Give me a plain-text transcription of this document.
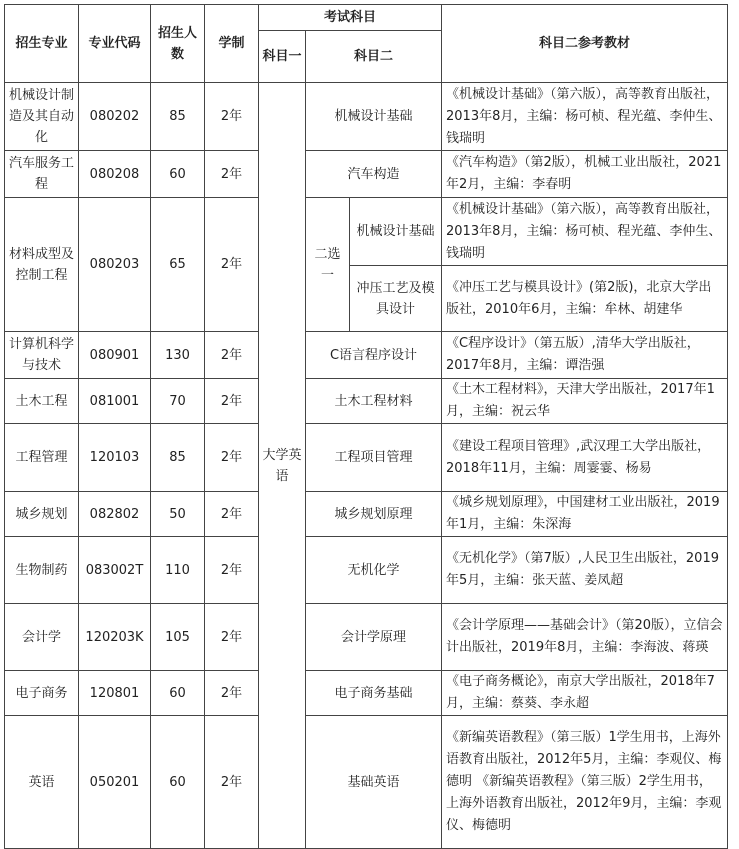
招生专业	专业代码	招生人数	学制	考试科目			科目二参考教材
				科目一	科目二		
机械设计制造及其自动化	080202	85	2年	大学英语	机械设计基础		《机械设计基础》（第六版），高等教育出版社，2013年8月，主编：杨可桢、程光蕴、李仲生、钱瑞明
汽车服务工程	080208	60	2年		汽车构造		《汽车构造》（第2版），机械工业出版社，2021年2月，主编：李春明
材料成型及控制工程	080203	65	2年		二选一	机械设计基础	《机械设计基础》（第六版），高等教育出版社，2013年8月，主编：杨可桢、程光蕴、李仲生、钱瑞明
						冲压工艺及模具设计	《冲压工艺与模具设计》(第2版)，北京大学出版社，2010年6月，主编：牟林、胡建华
计算机科学与技术	080901	130	2年		C语言程序设计		《C程序设计》（第五版）,清华大学出版社，2017年8月，主编：谭浩强
土木工程	081001	70	2年		土木工程材料		《土木工程材料》，天津大学出版社，2017年1月，主编：祝云华
工程管理	120103	85	2年		工程项目管理		《建设工程项目管理》,武汉理工大学出版社，2018年11月，主编：周霎霎、杨易
城乡规划	082802	50	2年		城乡规划原理		《城乡规划原理》，中国建材工业出版社，2019年1月，主编：朱深海
生物制药	083002T	110	2年		无机化学		《无机化学》（第7版）,人民卫生出版社，2019年5月，主编：张天蓝、姜凤超
会计学	120203K	105	2年		会计学原理		《会计学原理——基础会计》（第20版），立信会计出版社，2019年8月，主编：李海波、蒋瑛
电子商务	120801	60	2年		电子商务基础		《电子商务概论》，南京大学出版社，2018年7月，主编：蔡葵、李永超
英语	050201	60	2年		基础英语		《新编英语教程》（第三版）1学生用书，上海外语教育出版社，2012年5月，主编：李观仪、梅德明 《新编英语教程》（第三版）2学生用书，上海外语教育出版社，2012年9月，主编：李观仪、梅德明
